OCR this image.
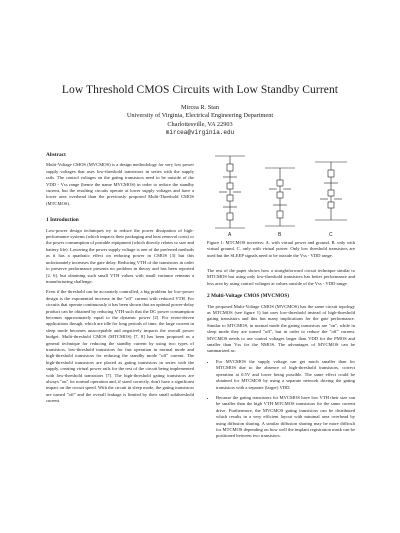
Low Threshold CMOS Circuits with Low Standby Current
Mircea R. Stan
University of Virginia, Electrical Engineering Department
Charlottesville, VA 22903
mircea@virginia.edu
Abstract

Multi-Voltage CMOS (MVCMOS) is a design methodology for very low power supply voltages that uses low-threshold transistors in series with the supply rails. The control voltages on the gating transistors need to be outside of the VDD - Vss range (hence the name MVCMOS) in order to reduce the standby current, but the resulting circuits operate at lower supply voltages and have a lower area overhead than the previously proposed Multi-Threshold CMOS (MTCMOS).

1 Introduction

Low-power design techniques try to reduce the power dissipation of high-performance systems (which impacts their packaging and heat removal costs) or the power consumption of portable equipment (which directly relates to size and battery life). Lowering the power supply voltage is one of the preferred methods as it has a quadratic effect on reducing power in CMOS [3] but this unfortunately increases the gate delay. Reducing VTH of the transistors in order to preserve performance presents no problem in theory and has been reported [2, 6], but obtaining such small VTH values with small variance remains a manufacturing challenge.

Even if the threshold can be accurately controlled, a big problem for low-power design is the exponential increase in the "off" current with reduced VTH. For circuits that operate continuously it has been shown that an optimal power-delay product can be obtained by reducing VTH such that the DC power consumption becomes approximately equal to the dynamic power [2]. For event-driven applications though, which are idle for long periods of time, the large current in sleep mode becomes unacceptable and negatively impacts the overall power budget. Multi-threshold CMOS (MTCMOS) [7, 8] has been proposed as a general technique for reducing the standby current by using two types of transistors, low-threshold transistors for fast operation in normal mode and high-threshold transistors for reducing the standby mode "off" current. The high-threshold transistors are placed as gating transistors in series with the supply, creating virtual power rails for the rest of the circuit being implemented with low-threshold transistors [7]. The high-threshold gating transistors are always "on" for normal operation and, if sized correctly, don't have a significant impact on the circuit speed. With the circuit in sleep mode, the gating transistors are turned "off" and the overall leakage is limited by their small subthreshold current.

A	B	C
Figure 1: MTCMOS inverters: A. with virtual power and ground, B. only with virtual ground, C. only with virtual power. Only low threshold transistors are used but the SLEEP signals need to be outside the Vss - VDD range.

The rest of the paper shows how a straightforward circuit technique similar to MTCMOS but using only low-threshold transistors has better performance and less area by using control voltages at values outside of the Vss - VDD range.

2 Multi-Voltage CMOS (MVCMOS)

The proposed Multi-Voltage CMOS (MVCMOS) has the same circuit topology as MTCMOS (see figure 1) but uses low-threshold instead of high-threshold gating transistors and this has many implications for the gate performance. Similar to MTCMOS, in normal mode the gating transistors are "on", while in sleep mode they are turned "off", but in order to reduce the "off" current, MVCMOS needs to use control voltages larger than VDD for the PMOS and smaller than Vss for the NMOS. The advantages of MVCMOS can be summarized as:

• For MVCMOS the supply voltage can get much smaller than for MTCMOS due to the absence of high-threshold transistors, correct operation at 0.5V and lower being possible. The same effect could be obtained for MTCMOS by using a separate network driving the gating transistors with a separate (larger) VDD.
• Because the gating transistors for MVCMOS have low VTH their size can be smaller than the high VTH MTCMOS transistors for the same current drive. Furthermore, the MVCMOS gating transistors can be distributed which results in a very efficient layout with minimal area overhead by using diffusion sharing. A similar diffusion sharing may be more difficult for MTCMOS depending on how well the implant registration mask can be positioned between two transistors.
